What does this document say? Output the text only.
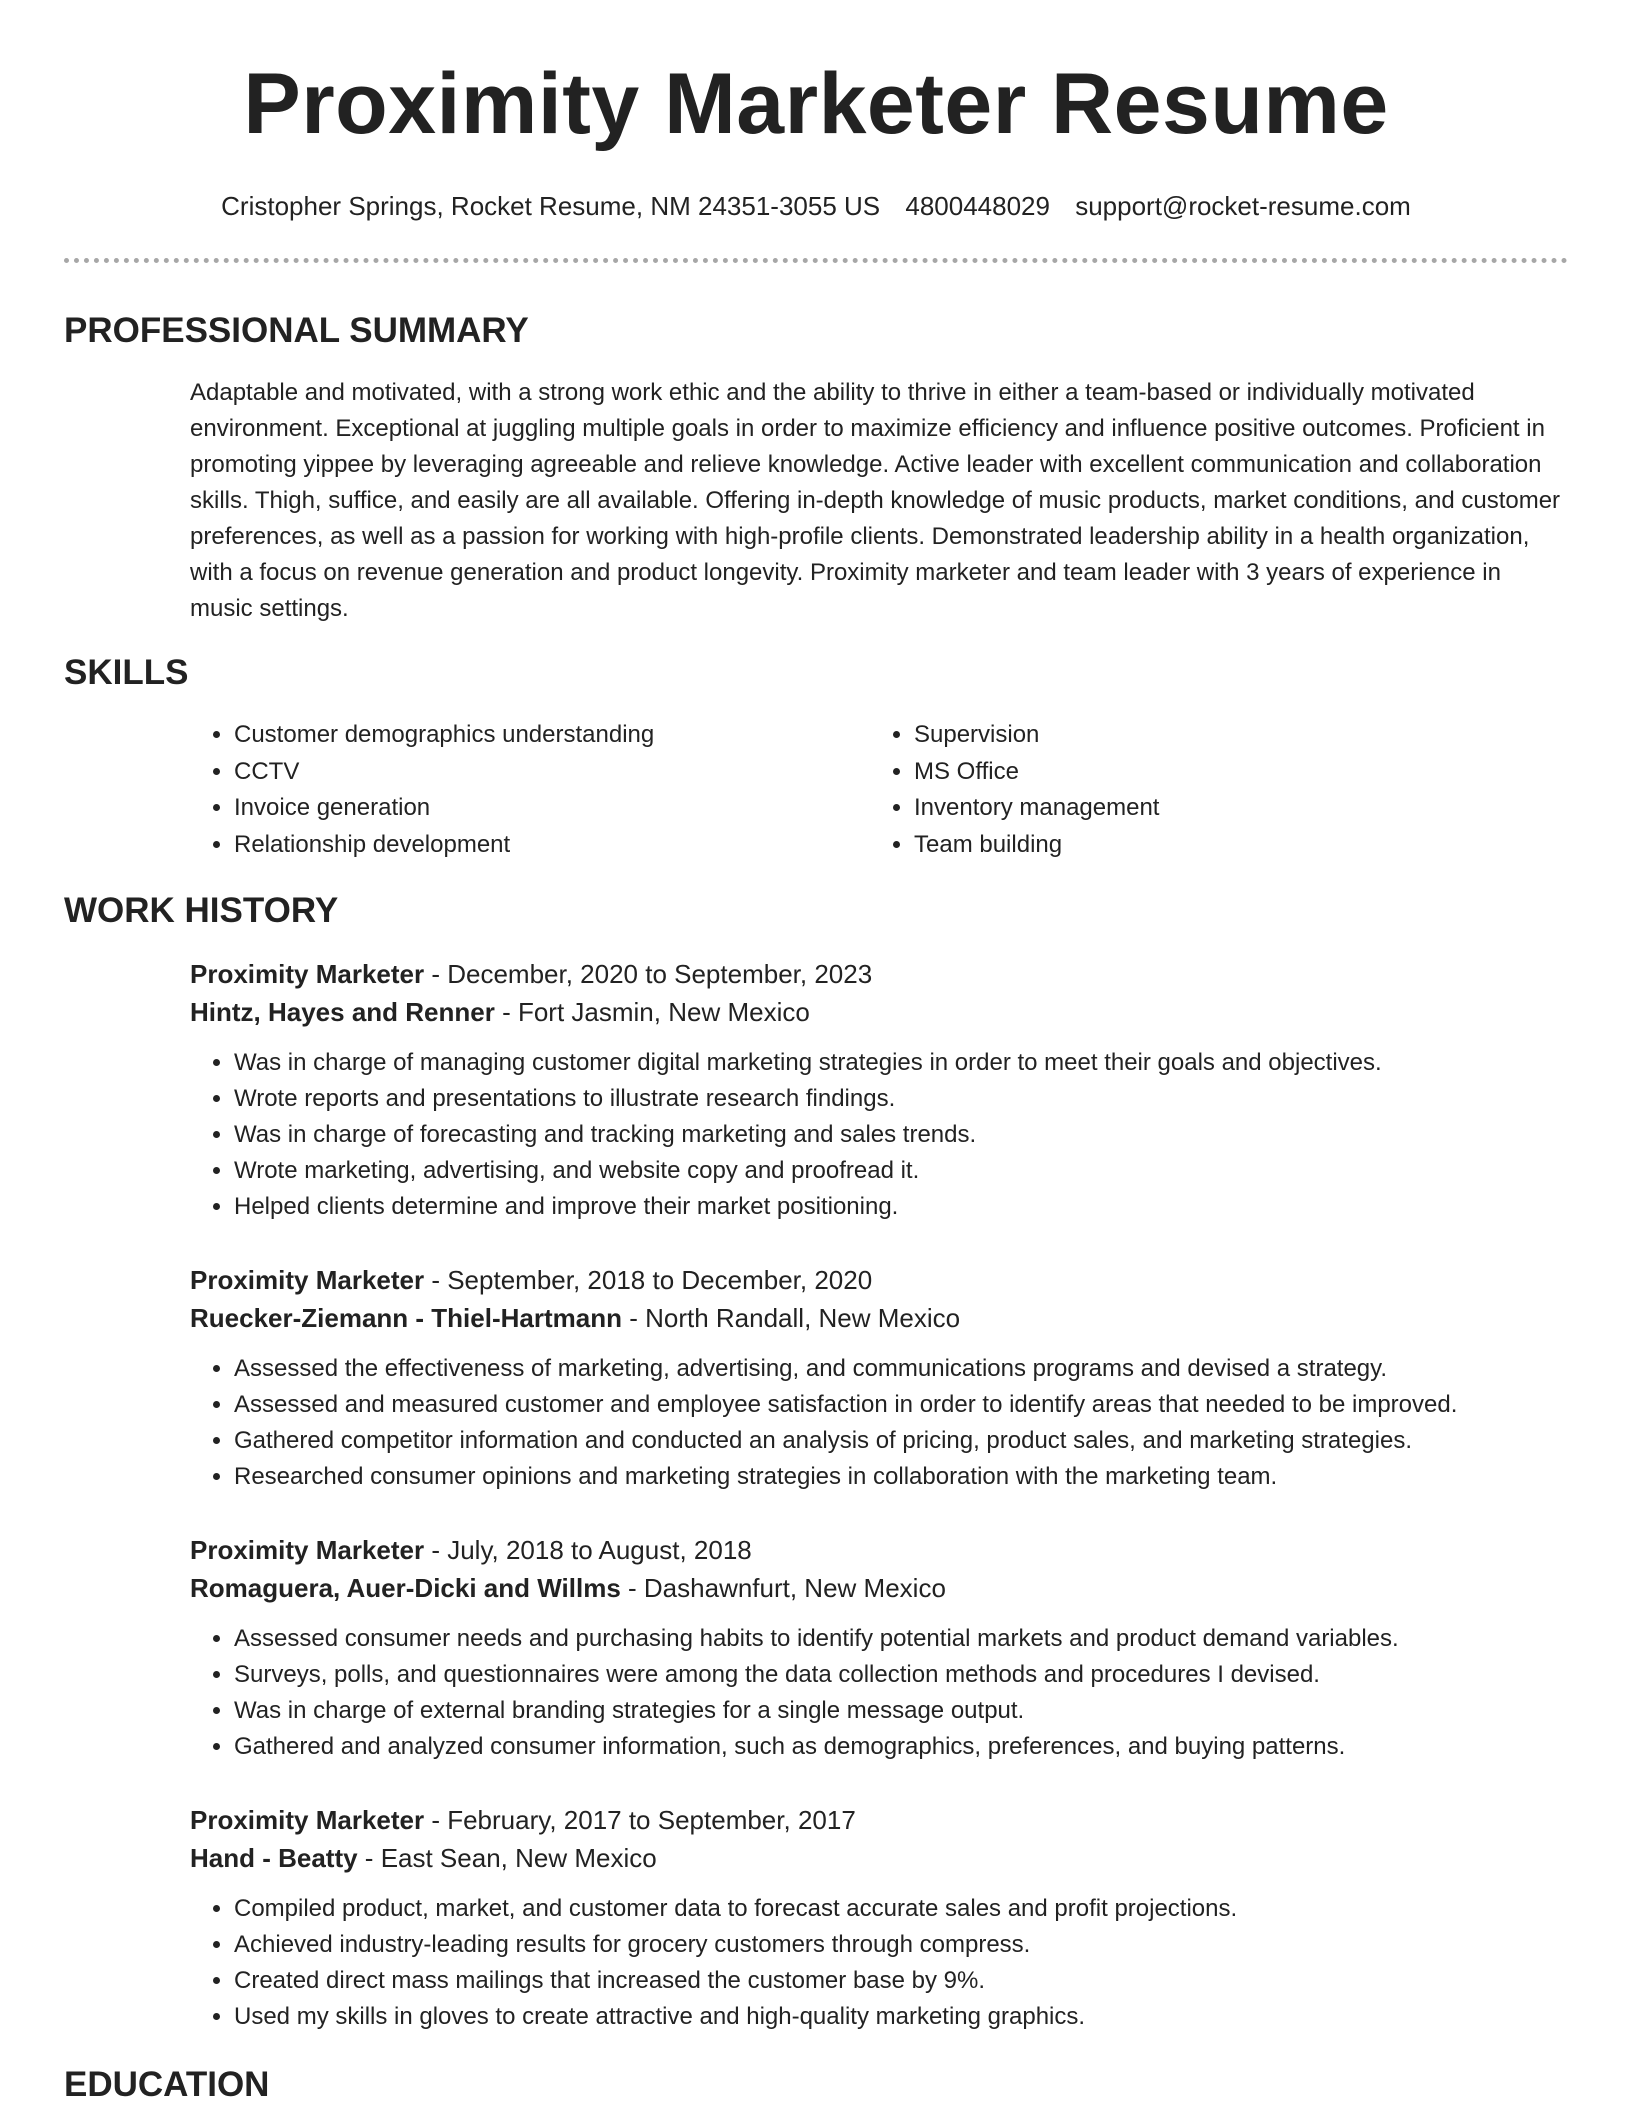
Proximity Marketer Resume
Cristopher Springs, Rocket Resume, NM 24351-3055 US 4800448029 support@rocket-resume.com
PROFESSIONAL SUMMARY

Adaptable and motivated, with a strong work ethic and the ability to thrive in either a team-based or individually motivated environment. Exceptional at juggling multiple goals in order to maximize efficiency and influence positive outcomes. Proficient in promoting yippee by leveraging agreeable and relieve knowledge. Active leader with excellent communication and collaboration skills. Thigh, suffice, and easily are all available. Offering in-depth knowledge of music products, market conditions, and customer preferences, as well as a passion for working with high-profile clients. Demonstrated leadership ability in a health organization, with a focus on revenue generation and product longevity. Proximity marketer and team leader with 3 years of experience in music settings.

SKILLS
• Customer demographics understanding
• CCTV
• Invoice generation
• Relationship development
• Supervision
• MS Office
• Inventory management
• Team building
WORK HISTORY
Proximity Marketer - December, 2020 to September, 2023
Hintz, Hayes and Renner - Fort Jasmin, New Mexico
• Was in charge of managing customer digital marketing strategies in order to meet their goals and objectives.
• Wrote reports and presentations to illustrate research findings.
• Was in charge of forecasting and tracking marketing and sales trends.
• Wrote marketing, advertising, and website copy and proofread it.
• Helped clients determine and improve their market positioning.
Proximity Marketer - September, 2018 to December, 2020
Ruecker-Ziemann - Thiel-Hartmann - North Randall, New Mexico
• Assessed the effectiveness of marketing, advertising, and communications programs and devised a strategy.
• Assessed and measured customer and employee satisfaction in order to identify areas that needed to be improved.
• Gathered competitor information and conducted an analysis of pricing, product sales, and marketing strategies.
• Researched consumer opinions and marketing strategies in collaboration with the marketing team.
Proximity Marketer - July, 2018 to August, 2018
Romaguera, Auer-Dicki and Willms - Dashawnfurt, New Mexico
• Assessed consumer needs and purchasing habits to identify potential markets and product demand variables.
• Surveys, polls, and questionnaires were among the data collection methods and procedures I devised.
• Was in charge of external branding strategies for a single message output.
• Gathered and analyzed consumer information, such as demographics, preferences, and buying patterns.
Proximity Marketer - February, 2017 to September, 2017
Hand - Beatty - East Sean, New Mexico
• Compiled product, market, and customer data to forecast accurate sales and profit projections.
• Achieved industry-leading results for grocery customers through compress.
• Created direct mass mailings that increased the customer base by 9%.
• Used my skills in gloves to create attractive and high-quality marketing graphics.
EDUCATION
